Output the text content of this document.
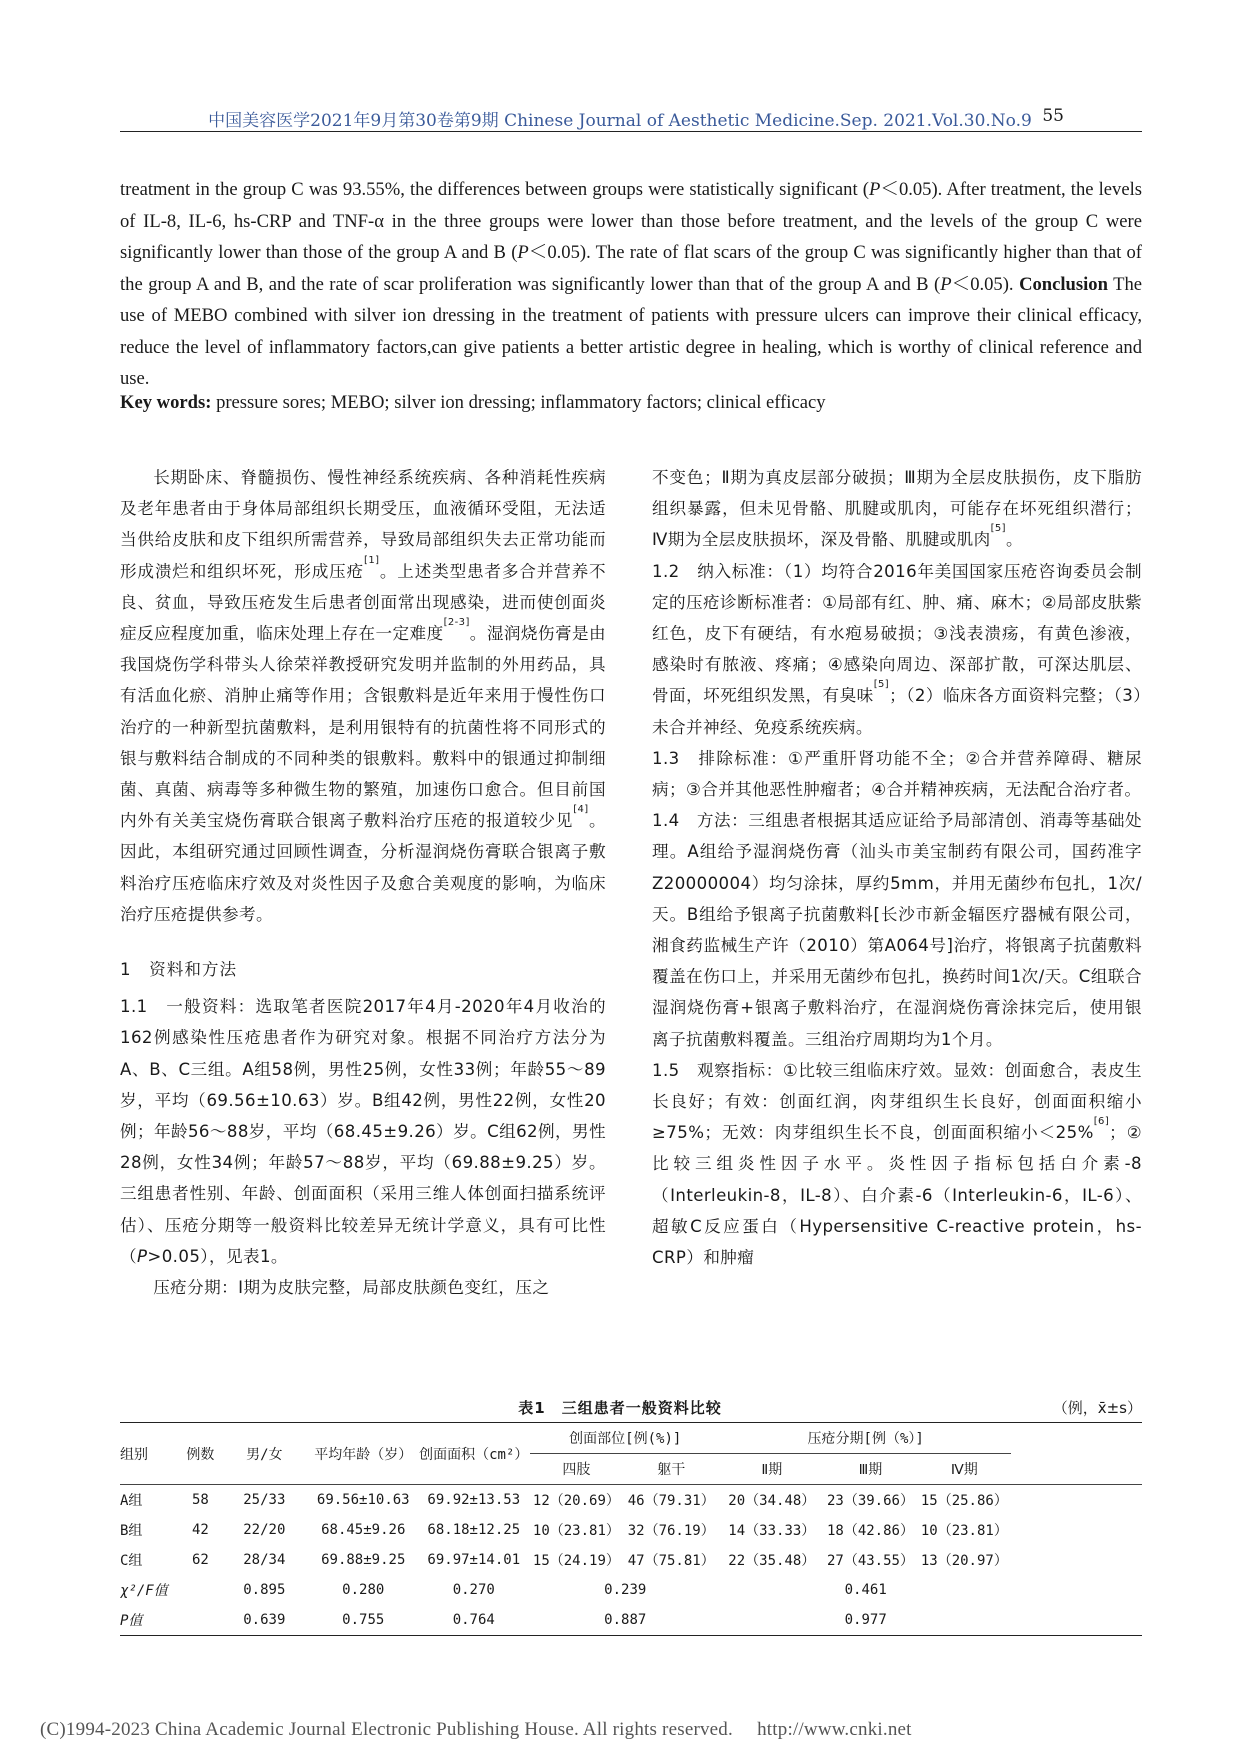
中国美容医学2021年9月第30卷第9期 Chinese Journal of Aesthetic Medicine.Sep. 2021.Vol.30.No.9 55
treatment in the group C was 93.55%, the differences between groups were statistically significant (P＜0.05). After treatment, the levels of IL-8, IL-6, hs-CRP and TNF-α in the three groups were lower than those before treatment, and the levels of the group C were significantly lower than those of the group A and B (P＜0.05). The rate of flat scars of the group C was significantly higher than that of the group A and B, and the rate of scar proliferation was significantly lower than that of the group A and B (P＜0.05). Conclusion The use of MEBO combined with silver ion dressing in the treatment of patients with pressure ulcers can improve their clinical efficacy, reduce the level of inflammatory factors,can give patients a better artistic degree in healing, which is worthy of clinical reference and use.
Key words: pressure sores; MEBO; silver ion dressing; inflammatory factors; clinical efficacy

长期卧床、脊髓损伤、慢性神经系统疾病、各种消耗性疾病及老年患者由于身体局部组织长期受压，血液循环受阻，无法适当供给皮肤和皮下组织所需营养，导致局部组织失去正常功能而形成溃烂和组织坏死，形成压疮[1]。上述类型患者多合并营养不良、贫血，导致压疮发生后患者创面常出现感染，进而使创面炎症反应程度加重，临床处理上存在一定难度[2-3]。湿润烧伤膏是由我国烧伤学科带头人徐荣祥教授研究发明并监制的外用药品，具有活血化瘀、消肿止痛等作用；含银敷料是近年来用于慢性伤口治疗的一种新型抗菌敷料，是利用银特有的抗菌性将不同形式的银与敷料结合制成的不同种类的银敷料。敷料中的银通过抑制细菌、真菌、病毒等多种微生物的繁殖，加速伤口愈合。但目前国内外有关美宝烧伤膏联合银离子敷料治疗压疮的报道较少见[4]。因此，本组研究通过回顾性调查，分析湿润烧伤膏联合银离子敷料治疗压疮临床疗效及对炎性因子及愈合美观度的影响，为临床治疗压疮提供参考。

1　资料和方法

1.1　一般资料：选取笔者医院2017年4月-2020年4月收治的162例感染性压疮患者作为研究对象。根据不同治疗方法分为A、B、C三组。A组58例，男性25例，女性33例；年龄55～89岁，平均（69.56±10.63）岁。B组42例，男性22例，女性20例；年龄56～88岁，平均（68.45±9.26）岁。C组62例，男性28例，女性34例；年龄57～88岁，平均（69.88±9.25）岁。三组患者性别、年龄、创面面积（采用三维人体创面扫描系统评估）、压疮分期等一般资料比较差异无统计学意义，具有可比性（P>0.05），见表1。

压疮分期：Ⅰ期为皮肤完整，局部皮肤颜色变红，压之

不变色；Ⅱ期为真皮层部分破损；Ⅲ期为全层皮肤损伤，皮下脂肪组织暴露，但未见骨骼、肌腱或肌肉，可能存在坏死组织潜行；Ⅳ期为全层皮肤损坏，深及骨骼、肌腱或肌肉[5]。

1.2　纳入标准：（1）均符合2016年美国国家压疮咨询委员会制定的压疮诊断标准者：①局部有红、肿、痛、麻木；②局部皮肤紫红色，皮下有硬结，有水疱易破损；③浅表溃疡，有黄色渗液，感染时有脓液、疼痛；④感染向周边、深部扩散，可深达肌层、骨面，坏死组织发黑，有臭味[5]；（2）临床各方面资料完整；（3）未合并神经、免疫系统疾病。

1.3　排除标准：①严重肝肾功能不全；②合并营养障碍、糖尿病；③合并其他恶性肿瘤者；④合并精神疾病，无法配合治疗者。

1.4　方法：三组患者根据其适应证给予局部清创、消毒等基础处理。A组给予湿润烧伤膏（汕头市美宝制药有限公司，国药准字Z20000004）均匀涂抹，厚约5mm，并用无菌纱布包扎，1次/天。B组给予银离子抗菌敷料[长沙市新金辐医疗器械有限公司，湘食药监械生产许（2010）第A064号]治疗，将银离子抗菌敷料覆盖在伤口上，并采用无菌纱布包扎，换药时间1次/天。C组联合湿润烧伤膏+银离子敷料治疗，在湿润烧伤膏涂抹完后，使用银离子抗菌敷料覆盖。三组治疗周期均为1个月。

1.5　观察指标：①比较三组临床疗效。显效：创面愈合，表皮生长良好；有效：创面红润，肉芽组织生长良好，创面面积缩小≥75%；无效：肉芽组织生长不良，创面面积缩小＜25%[6]；②比较三组炎性因子水平。炎性因子指标包括白介素-8（Interleukin-8，IL-8）、白介素-6（Interleukin-6，IL-6）、超敏C反应蛋白（Hypersensitive C-reactive protein，hs-CRP）和肿瘤

表1　三组患者一般资料比较	（例，x̄±s）
组别	例数	男/女	平均年龄（岁）	创面面积（cm²）	创面部位[例(%)]		压疮分期[例（%）]			
					四肢	躯干	Ⅱ期	Ⅲ期	Ⅳ期	
A组	58	25/33	69.56±10.63	69.92±13.53	12（20.69）	46（79.31）	20（34.48）	23（39.66）	15（25.86）	
B组	42	22/20	68.45±9.26	68.18±12.25	10（23.81）	32（76.19）	14（33.33）	18（42.86）	10（23.81）	
C组	62	28/34	69.88±9.25	69.97±14.01	15（24.19）	47（75.81）	22（35.48）	27（43.55）	13（20.97）	
χ²/F值		0.895	0.280	0.270	0.239		0.461			
P值		0.639	0.755	0.764	0.887		0.977			
(C)1994-2023 China Academic Journal Electronic Publishing House. All rights reserved.　 http://www.cnki.net
